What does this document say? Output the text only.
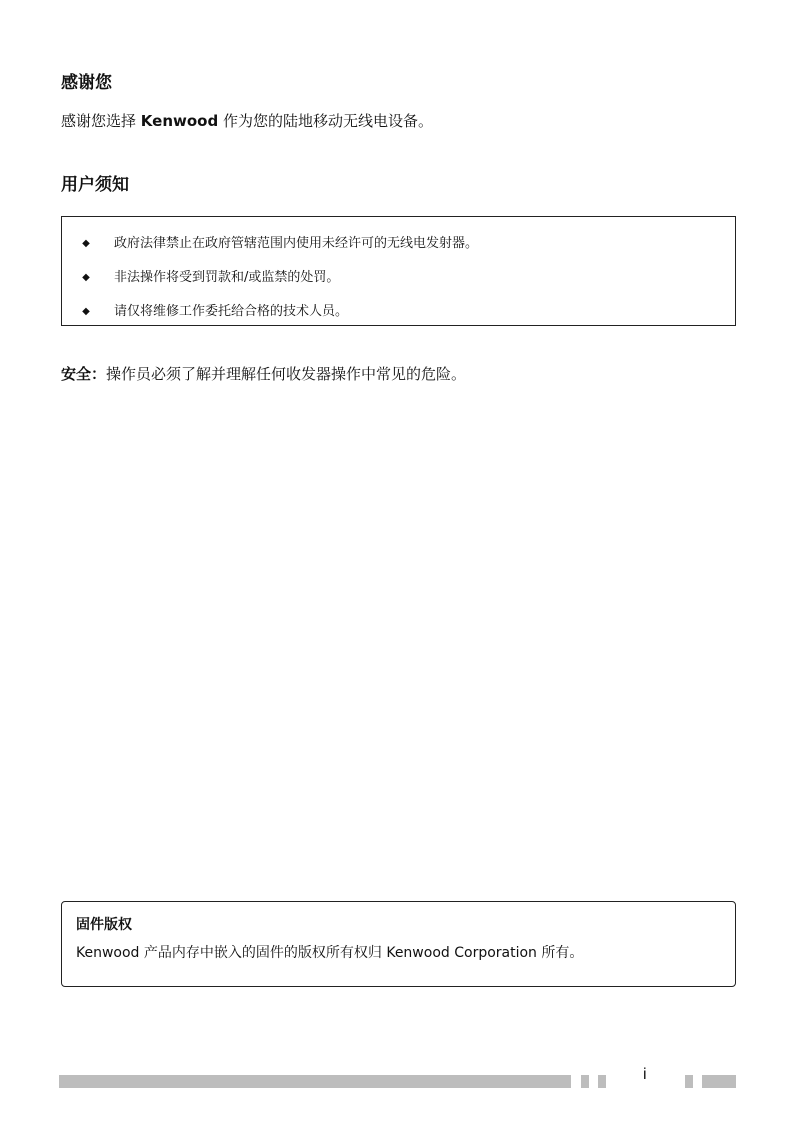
感谢您
感谢您选择 Kenwood 作为您的陆地移动无线电设备。
用户须知
◆	政府法律禁止在政府管辖范围内使用未经许可的无线电发射器。
◆	非法操作将受到罚款和/或监禁的处罚。
◆	请仅将维修工作委托给合格的技术人员。
安全：操作员必须了解并理解任何收发器操作中常见的危险。
固件版权
Kenwood 产品内存中嵌入的固件的版权所有权归 Kenwood Corporation 所有。
i
